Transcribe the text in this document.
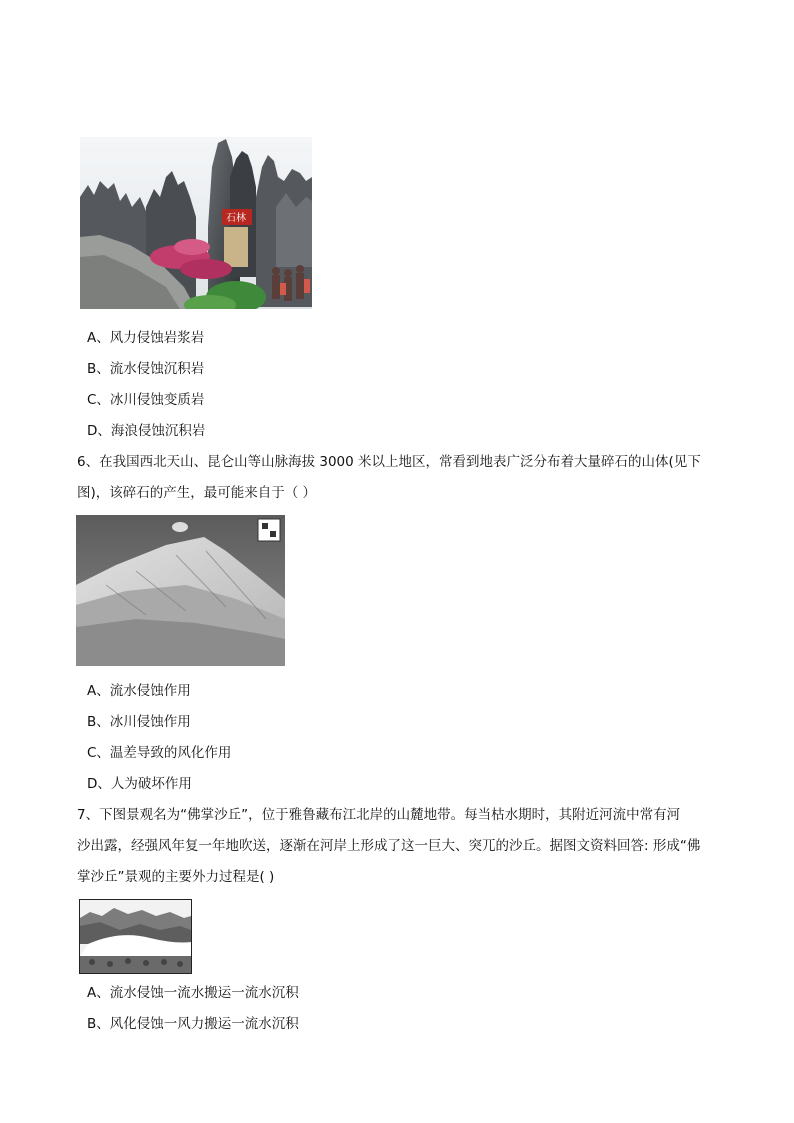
石林
A、风力侵蚀岩浆岩
B、流水侵蚀沉积岩
C、冰川侵蚀变质岩
D、海浪侵蚀沉积岩
6、在我国西北天山、昆仑山等山脉海拔 3000 米以上地区，常看到地表广泛分布着大量碎石的山体(见下
图)，该碎石的产生，最可能来自于（ ）
A、流水侵蚀作用
B、冰川侵蚀作用
C、温差导致的风化作用
D、人为破坏作用
7、下图景观名为“佛掌沙丘”，位于雅鲁藏布江北岸的山麓地带。每当枯水期时，其附近河流中常有河
沙出露，经强风年复一年地吹送，逐渐在河岸上形成了这一巨大、突兀的沙丘。据图文资料回答: 形成“佛
掌沙丘”景观的主要外力过程是( )
A、流水侵蚀一流水搬运一流水沉积
B、风化侵蚀一风力搬运一流水沉积
